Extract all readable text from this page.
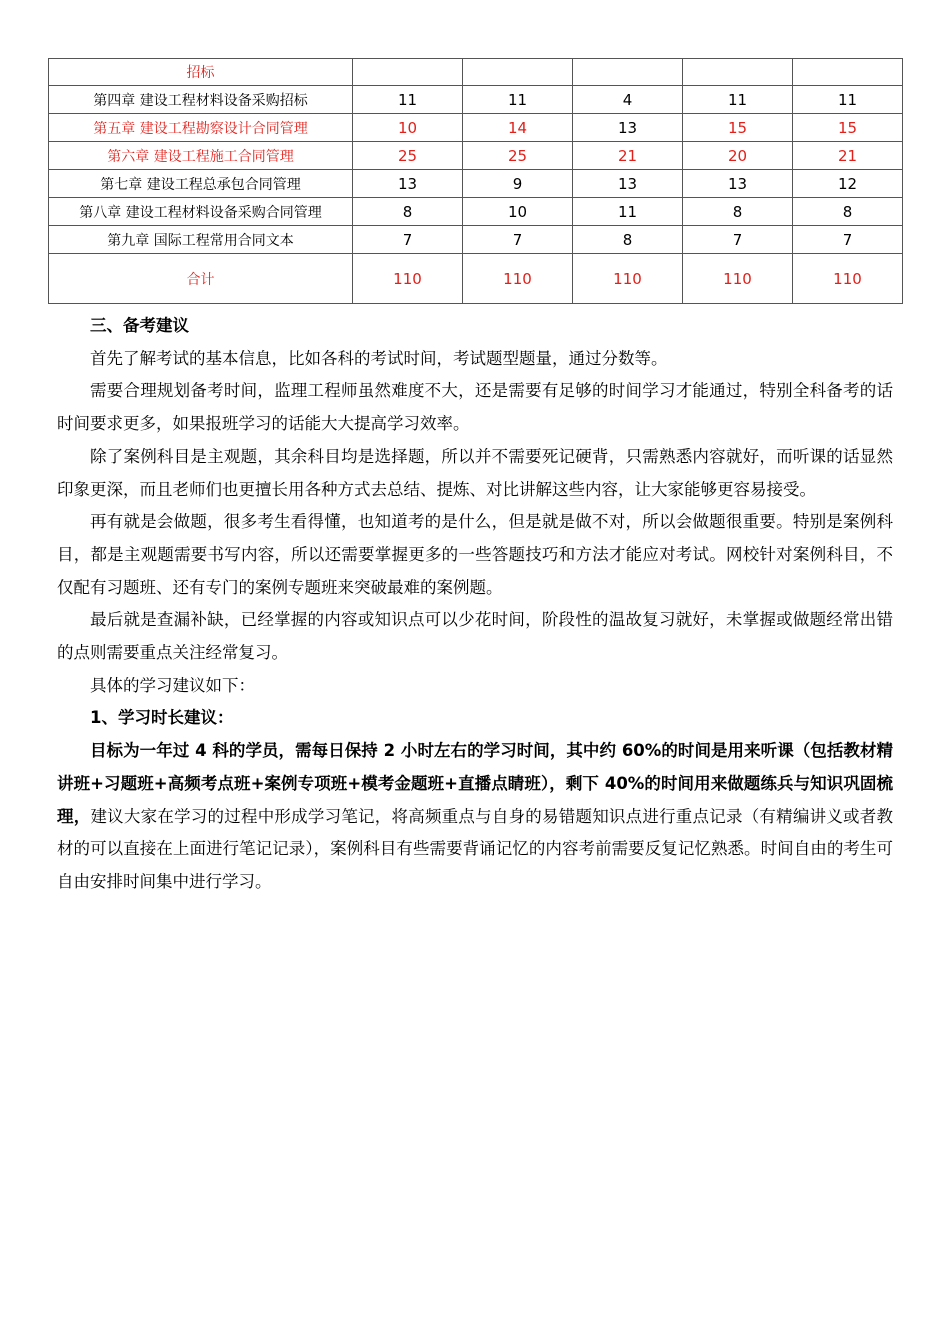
招标					
第四章 建设工程材料设备采购招标	11	11	4	11	11
第五章 建设工程勘察设计合同管理	10	14	13	15	15
第六章 建设工程施工合同管理	25	25	21	20	21
第七章 建设工程总承包合同管理	13	9	13	13	12
第八章 建设工程材料设备采购合同管理	8	10	11	8	8
第九章 国际工程常用合同文本	7	7	8	7	7
合计	110	110	110	110	110

三、备考建议

首先了解考试的基本信息，比如各科的考试时间，考试题型题量，通过分数等。

需要合理规划备考时间，监理工程师虽然难度不大，还是需要有足够的时间学习才能通过，特别全科备考的话时间要求更多，如果报班学习的话能大大提高学习效率。

除了案例科目是主观题，其余科目均是选择题，所以并不需要死记硬背，只需熟悉内容就好，而听课的话显然印象更深，而且老师们也更擅长用各种方式去总结、提炼、对比讲解这些内容，让大家能够更容易接受。

再有就是会做题，很多考生看得懂，也知道考的是什么，但是就是做不对，所以会做题很重要。特别是案例科目，都是主观题需要书写内容，所以还需要掌握更多的一些答题技巧和方法才能应对考试。网校针对案例科目，不仅配有习题班、还有专门的案例专题班来突破最难的案例题。

最后就是查漏补缺，已经掌握的内容或知识点可以少花时间，阶段性的温故复习就好，未掌握或做题经常出错的点则需要重点关注经常复习。

具体的学习建议如下：

1、学习时长建议：

目标为一年过 4 科的学员，需每日保持 2 小时左右的学习时间，其中约 60%的时间是用来听课（包括教材精讲班+习题班+高频考点班+案例专项班+模考金题班+直播点睛班），剩下 40%的时间用来做题练兵与知识巩固梳理，建议大家在学习的过程中形成学习笔记，将高频重点与自身的易错题知识点进行重点记录（有精编讲义或者教材的可以直接在上面进行笔记记录），案例科目有些需要背诵记忆的内容考前需要反复记忆熟悉。时间自由的考生可自由安排时间集中进行学习。
